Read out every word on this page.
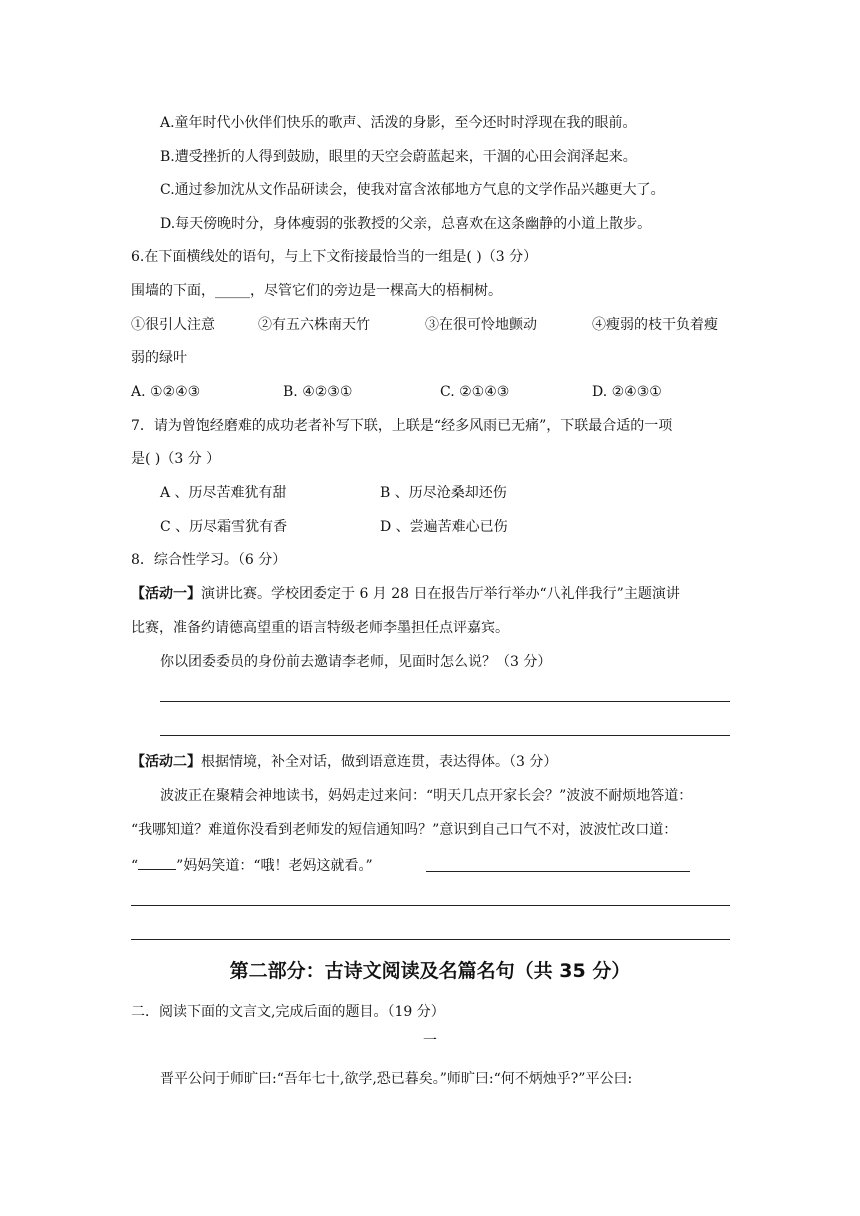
A.童年时代小伙伴们快乐的歌声、活泼的身影，至今还时时浮现在我的眼前。
B.遭受挫折的人得到鼓励，眼里的天空会蔚蓝起来，干涸的心田会润泽起来。
C.通过参加沈从文作品研读会，使我对富含浓郁地方气息的文学作品兴趣更大了。
D.每天傍晚时分，身体瘦弱的张教授的父亲，总喜欢在这条幽静的小道上散步。
6.在下面横线处的语句，与上下文衔接最恰当的一组是( )（3 分）
围墙的下面，_____，尽管它们的旁边是一棵高大的梧桐树。
①很引人注意	②有五六株南天竹	③在很可怜地颤动	④瘦弱的枝干负着瘦
弱的绿叶
A. ①②④③	B. ④②③①	C. ②①④③	D. ②④③①
7．请为曾饱经磨难的成功老者补写下联，上联是“经多风雨已无痛”，下联最合适的一项
是( )（3 分 ）
A 、历尽苦难犹有甜	B 、历尽沧桑却还伤
C 、历尽霜雪犹有香	D 、尝遍苦难心已伤
8．综合性学习。（6 分）
【活动一】演讲比赛。学校团委定于 6 月 28 日在报告厅举行举办“八礼伴我行”主题演讲
比赛，准备约请德高望重的语言特级老师李墨担任点评嘉宾。
你以团委委员的身份前去邀请李老师，见面时怎么说？（3 分）
【活动二】根据情境，补全对话，做到语意连贯，表达得体。（3 分）
波波正在聚精会神地读书，妈妈走过来问：“明天几点开家长会？”波波不耐烦地答道：
“我哪知道？难道你没看到老师发的短信通知吗？”意识到自己口气不对，波波忙改口道：
“	”妈妈笑道：“哦！老妈这就看。”
第二部分：古诗文阅读及名篇名句（共 35 分）
二．阅读下面的文言文,完成后面的题目。（19 分）
一
晋平公问于师旷曰:“吾年七十,欲学,恐已暮矣。”师旷曰:“何不炳烛乎?”平公曰:
